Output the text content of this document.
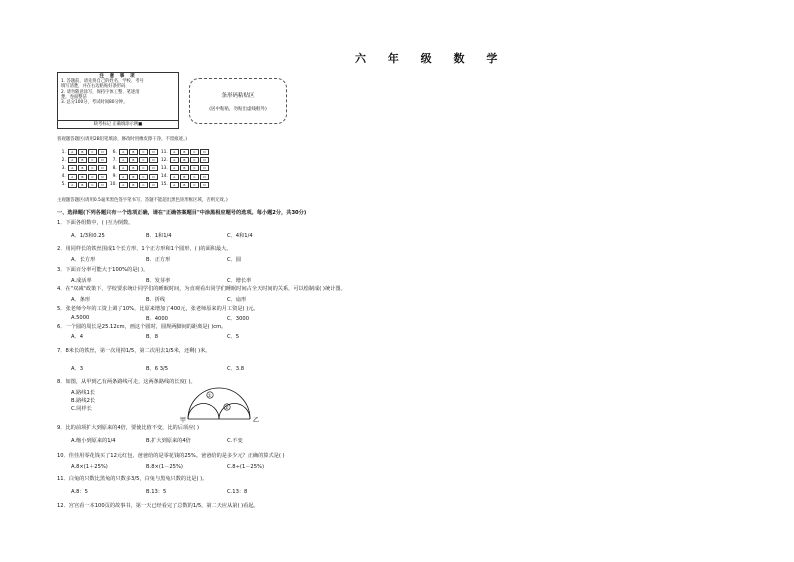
六 年 级 数 学
注 意 事 项
1. 答题前，请先将自己的姓名、学校、考号
填写清楚，并在右边粘贴好条形码
2. 请勿随意涂写，保持字体工整、笔迹清
楚，卷面整洁
3. 总分100分，考试时间80分钟。
缺考标记 正确填涂示例■
条形码粘贴区
(居中粘贴，勿贴出虚线框外)
客观题答题区(请用2B铅笔填涂，修改时用橡皮擦干净，不留痕迹。)
1.	A	B	C	D	6.	A	B	C	D	11.	A	B	C	D
2.	A	B	C	D	7.	A	B	C	D	12.	A	B	C	D
3.	A	B	C	D	8.	A	B	C	D	13.	A	B	C	D
4.	A	B	C	D	9.	A	B	C	D	14.	A	B	C	D
5.	A	B	C	D	10.	A	B	C	D	15.	A	B	C	D
主观题答题区(请用0.5毫米黑色签字笔书写，答题不能超出黑色矩形框区域，否则无效。)
一、选择题(下列各题只有一个选项正确，请在"正确答案题目"中涂黑相应题号的选项。每小题2分，共30分)
1．下面各组数中，( )互为倒数。
A．1/3和0.25	B．1和1/4	C．4和1/4
2．用同样长的铁丝围成1个长方形、1个正方形和1个圆形，( )的面积最大。
A．长方形	B．正方形	C．圆
3．下面百分率可能大于100%的是( )。
A.成活率	B．发芽率	C．增长率
4．在"双减"政策下，学校要求统计同学们的睡眠时间，为直观看出同学们睡眠时间占全天时间的关系，可以绘制成( )统计图。
A．条形	B．折线	C．扇形
5．张老师今年的工资上调了10%，比原来增加了400元，张老师原来的月工资是( )元。
A.5000	B．4000	C．3000
6．一个圆的周长是25.12cm，画这个圆时，圆规两脚间的距离是( )cm。
A．4	B．8	C．5
7．8米长的铁丝，第一次用掉1/5，第二次用去1/5米，还剩( )米。
A．3	B．6 3/5	C．3.8
8．如图，从甲到乙有两条路线可走，这两条路线的长度( )。
A.路线1长
B.路线2长
C.同样长
甲	乙
①
②
9．比的前项扩大到原来的4倍，要使比值不变，比的后项应( )
A.缩小到原来的1/4	B.扩大到原来的4倍	C.不变
10．佳佳用零花钱买了12元红包，爸爸给的是零花钱的25%。爸爸给的是多少元？正确的算式是( )
A.8×(1＋25%)	B.8×(1－25%)	C.8÷(1－25%)
11．白兔的只数比黑兔的只数多3/5，白兔与黑兔只数的比是( )。
A.8：5	B.13：5	C.13：8
12．宫宫看一本100页的故事书，第一天已经看完了总数的1/5，第二天应从第( )看起。
